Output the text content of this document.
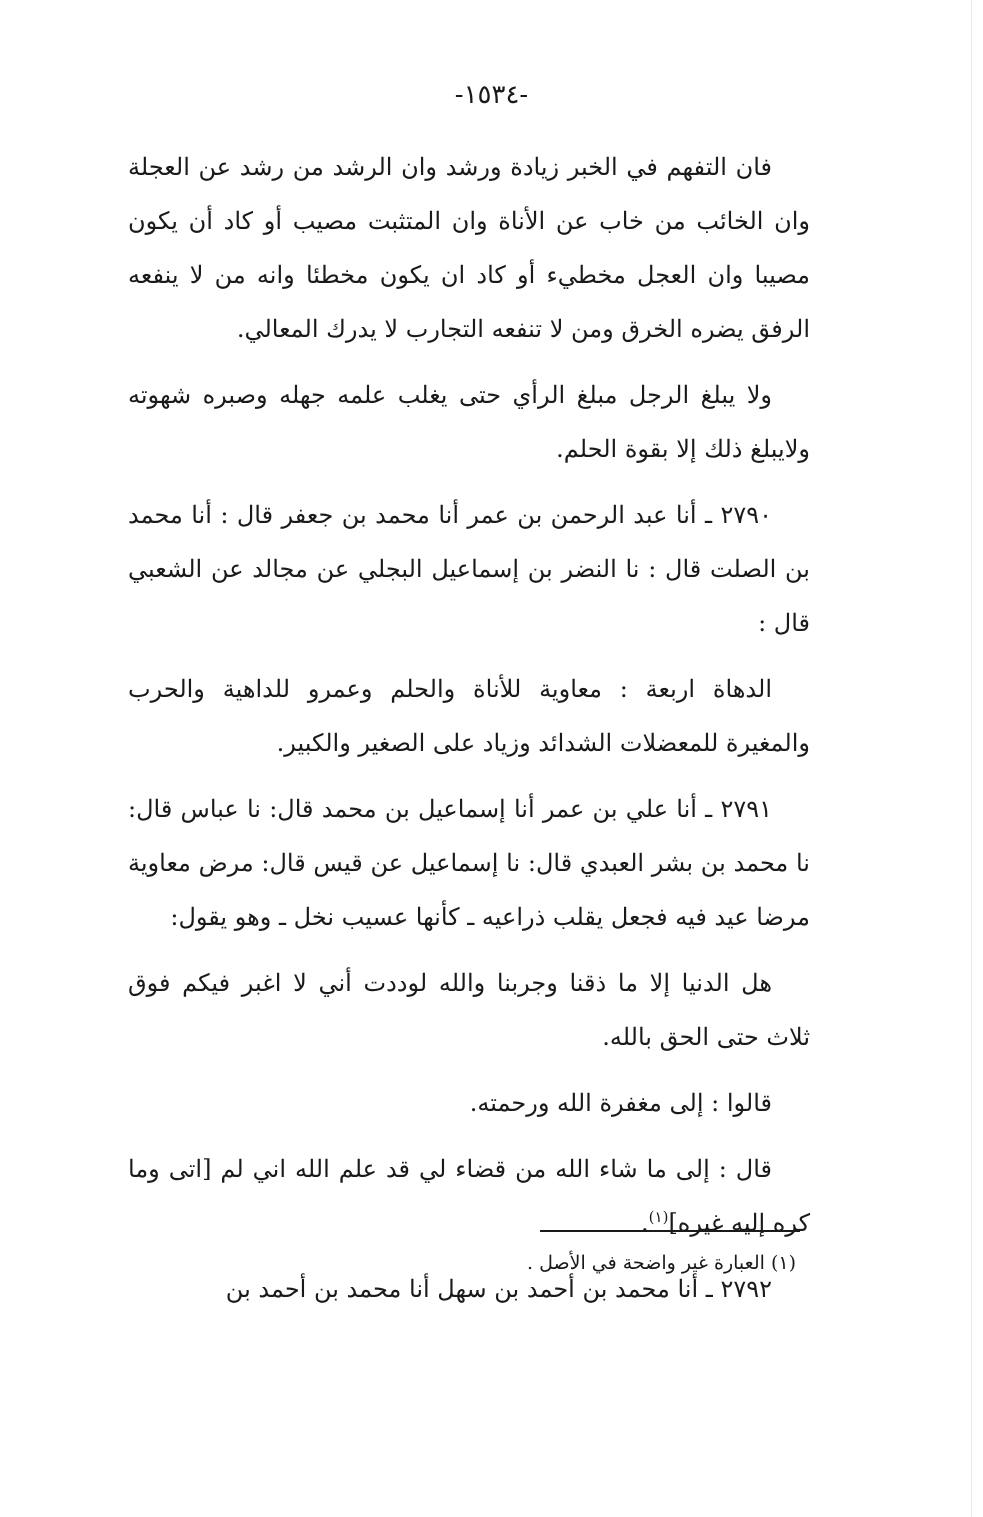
-١٥٣٤-

فان التفهم في الخبر زيادة ورشد وان الرشد من رشد عن العجلة وان الخائب من خاب عن الأناة وان المتثبت مصيب أو كاد أن يكون مصيبا وان العجل مخطيء أو كاد ان يكون مخطئا وانه من لا ينفعه الرفق يضره الخرق ومن لا تنفعه التجارب لا يدرك المعالي.

ولا يبلغ الرجل مبلغ الرأي حتى يغلب علمه جهله وصبره شهوته ولايبلغ ذلك إلا بقوة الحلم.

٢٧٩٠ ـ أنا عبد الرحمن بن عمر أنا محمد بن جعفر قال : أنا محمد بن الصلت قال : نا النضر بن إسماعيل البجلي عن مجالد عن الشعبي قال :

الدهاة اربعة : معاوية للأناة والحلم وعمرو للداهية والحرب والمغيرة للمعضلات الشدائد وزياد على الصغير والكبير.

٢٧٩١ ـ أنا علي بن عمر أنا إسماعيل بن محمد قال: نا عباس قال: نا محمد بن بشر العبدي قال: نا إسماعيل عن قيس قال: مرض معاوية مرضا عيد فيه فجعل يقلب ذراعيه ـ كأنها عسيب نخل ـ وهو يقول:

هل الدنيا إلا ما ذقنا وجربنا والله لوددت أني لا اغبر فيكم فوق ثلاث حتى الحق بالله.

قالوا : إلى مغفرة الله ورحمته.

قال : إلى ما شاء الله من قضاء لي قد علم الله اني لم [اتى وما كره إليه غيره]$^{(١)}$.

٢٧٩٢ ـ أنا محمد بن أحمد بن سهل أنا محمد بن أحمد بن

(١) العبارة غير واضحة في الأصل .
